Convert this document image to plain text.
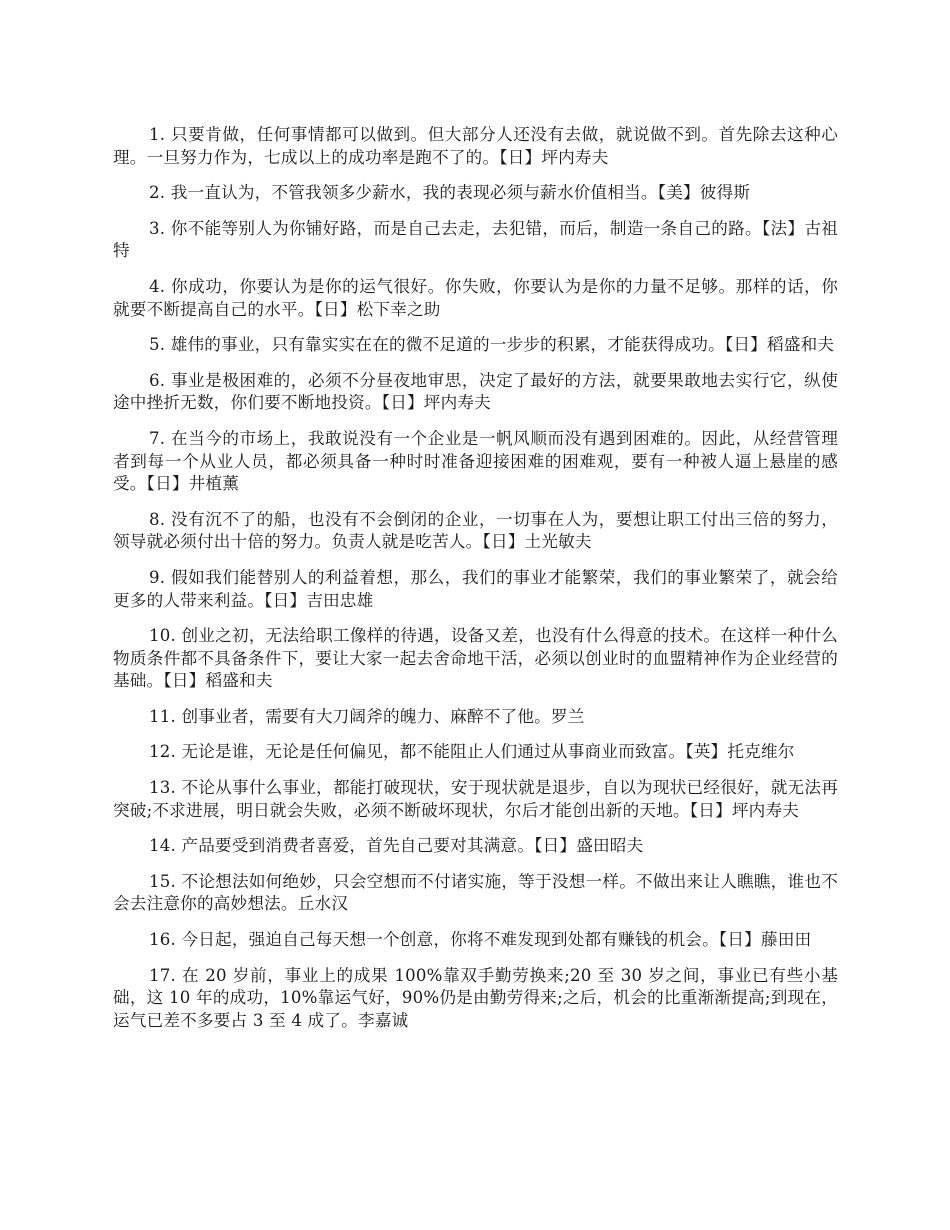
1. 只要肯做，任何事情都可以做到。但大部分人还没有去做，就说做不到。首先除去这种心理。一旦努力作为，七成以上的成功率是跑不了的。【日】坪内寿夫

2. 我一直认为，不管我领多少薪水，我的表现必须与薪水价值相当。【美】彼得斯

3. 你不能等别人为你铺好路，而是自己去走，去犯错，而后，制造一条自己的路。【法】古祖特

4. 你成功，你要认为是你的运气很好。你失败，你要认为是你的力量不足够。那样的话，你就要不断提高自己的水平。【日】松下幸之助

5. 雄伟的事业，只有靠实实在在的微不足道的一步步的积累，才能获得成功。【日】稻盛和夫

6. 事业是极困难的，必须不分昼夜地审思，决定了最好的方法，就要果敢地去实行它，纵使途中挫折无数，你们要不断地投资。【日】坪内寿夫

7. 在当今的市场上，我敢说没有一个企业是一帆风顺而没有遇到困难的。因此，从经营管理者到每一个从业人员，都必须具备一种时时准备迎接困难的困难观，要有一种被人逼上悬崖的感受。【日】井植薰

8. 没有沉不了的船，也没有不会倒闭的企业，一切事在人为，要想让职工付出三倍的努力，领导就必须付出十倍的努力。负责人就是吃苦人。【日】土光敏夫

9. 假如我们能替别人的利益着想，那么，我们的事业才能繁荣，我们的事业繁荣了，就会给更多的人带来利益。【日】吉田忠雄

10. 创业之初，无法给职工像样的待遇，设备又差，也没有什么得意的技术。在这样一种什么物质条件都不具备条件下，要让大家一起去舍命地干活，必须以创业时的血盟精神作为企业经营的基础。【日】稻盛和夫

11. 创事业者，需要有大刀阔斧的魄力、麻醉不了他。罗兰

12. 无论是谁，无论是任何偏见，都不能阻止人们通过从事商业而致富。【英】托克维尔

13. 不论从事什么事业，都能打破现状，安于现状就是退步，自以为现状已经很好，就无法再突破;不求进展，明日就会失败，必须不断破坏现状，尔后才能创出新的天地。【日】坪内寿夫

14. 产品要受到消费者喜爱，首先自己要对其满意。【日】盛田昭夫

15. 不论想法如何绝妙，只会空想而不付诸实施，等于没想一样。不做出来让人瞧瞧，谁也不会去注意你的高妙想法。丘水汉

16. 今日起，强迫自己每天想一个创意，你将不难发现到处都有赚钱的机会。【日】藤田田

17. 在 20 岁前，事业上的成果 100%靠双手勤劳换来;20 至 30 岁之间，事业已有些小基础，这 10 年的成功，10%靠运气好，90%仍是由勤劳得来;之后，机会的比重渐渐提高;到现在，运气已差不多要占 3 至 4 成了。李嘉诚
